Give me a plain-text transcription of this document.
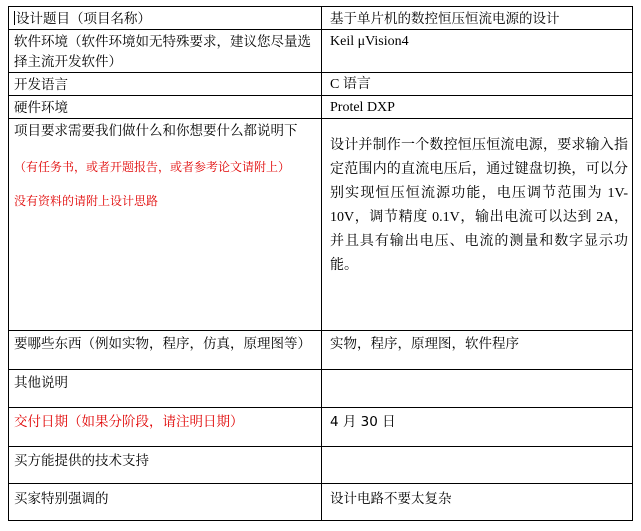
设计题目（项目名称）	基于单片机的数控恒压恒流电源的设计

软件环境（软件环境如无特殊要求，建议您尽量选择主流开发软件）	Keil μVision4

开发语言	C 语言

硬件环境	Protel DXP

项目要求需要我们做什么和你想要什么都说明下
（有任务书，或者开题报告，或者参考论文请附上）
没有资料的请附上设计思路	设计并制作一个数控恒压恒流电源，要求输入指定范围内的直流电压后，通过键盘切换，可以分别实现恒压恒流源功能，电压调节范围为 1V-10V，调节精度 0.1V，输出电流可以达到 2A，并且具有输出电压、电流的测量和数字显示功能。

要哪些东西（例如实物，程序，仿真，原理图等）	实物，程序，原理图，软件程序

其他说明	

交付日期（如果分阶段，请注明日期）	4 月 30 日

买方能提供的技术支持	

买家特别强调的	设计电路不要太复杂
